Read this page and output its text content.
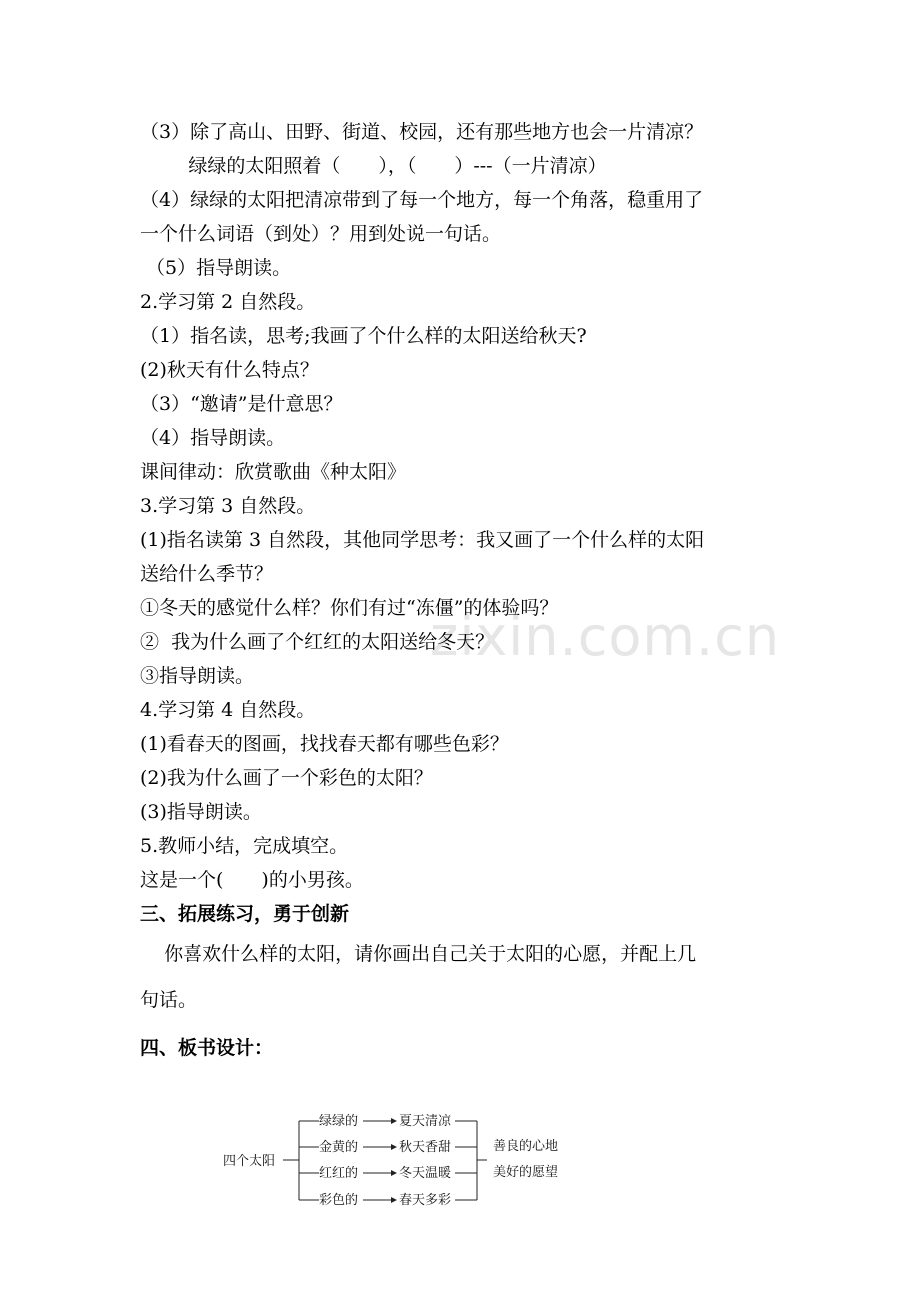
zixin.com.cn
（3）除了高山、田野、街道、校园，还有那些地方也会一片清凉？
绿绿的太阳照着（　　），（　　）---（一片清凉）
（4）绿绿的太阳把清凉带到了每一个地方，每一个角落，稳重用了
一个什么词语（到处）？用到处说一句话。
（5）指导朗读。
2.学习第 2 自然段。
（1）指名读，思考;我画了个什么样的太阳送给秋天?
(2)秋天有什么特点？
（3）“邀请”是什意思？
（4）指导朗读。
课间律动：欣赏歌曲《种太阳》
3.学习第 3 自然段。
(1)指名读第 3 自然段，其他同学思考：我又画了一个什么样的太阳
送给什么季节？
①冬天的感觉什么样？你们有过“冻僵”的体验吗？
②  我为什么画了个红红的太阳送给冬天？
③指导朗读。
4.学习第 4 自然段。
(1)看春天的图画，找找春天都有哪些色彩？
(2)我为什么画了一个彩色的太阳？
(3)指导朗读。
5.教师小结，完成填空。
这是一个(　　)的小男孩。
三、拓展练习，勇于创新
你喜欢什么样的太阳，请你画出自己关于太阳的心愿，并配上几
句话。
四、板书设计：
四个太阳
绿绿的	夏天清凉
金黄的	秋天香甜
红红的	冬天温暖
彩色的	春天多彩
善良的心地
美好的愿望
